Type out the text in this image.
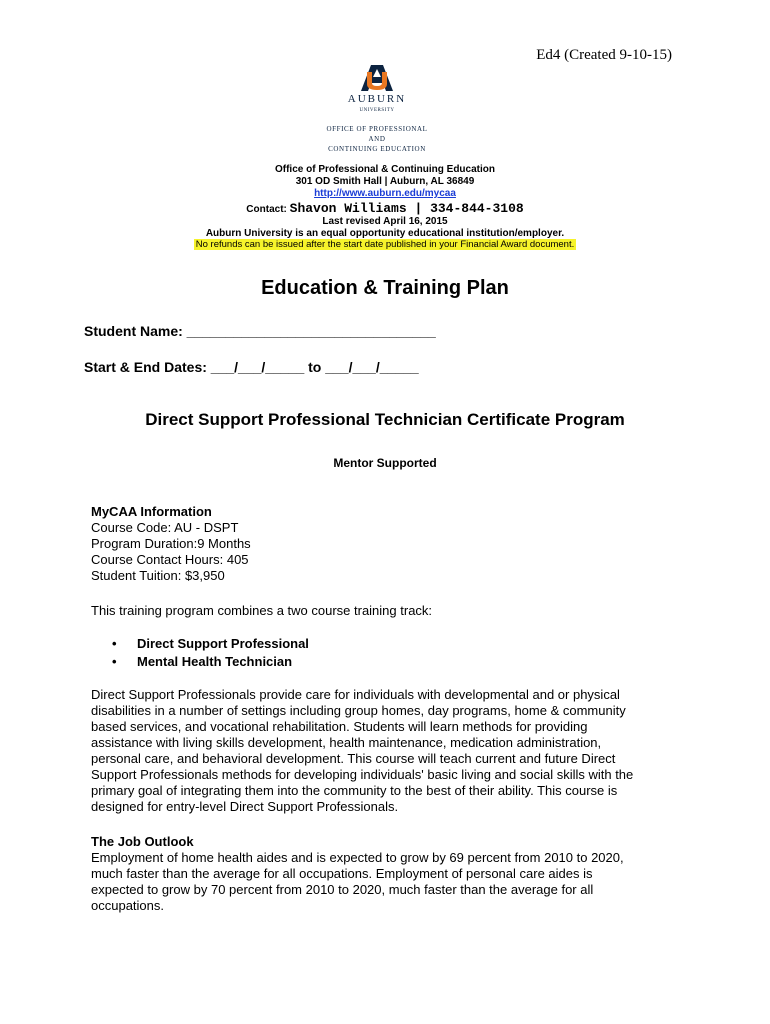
Ed4 (Created 9-10-15)
AUBURN
UNIVERSITY
OFFICE OF PROFESSIONAL AND
CONTINUING EDUCATION
Office of Professional & Continuing Education
301 OD Smith Hall | Auburn, AL 36849
http://www.auburn.edu/mycaa
Contact: Shavon Williams | 334-844-3108
Last revised April 16, 2015
Auburn University is an equal opportunity educational institution/employer.
No refunds can be issued after the start date published in your Financial Award document.
Education & Training Plan
Student Name: ________________________________
Start & End Dates: ___/___/_____ to ___/___/_____
Direct Support Professional Technician Certificate Program
Mentor Supported
MyCAA Information
Course Code: AU - DSPT
Program Duration:9 Months
Course Contact Hours: 405
Student Tuition: $3,950
This training program combines a two course training track:
•	Direct Support Professional
•	Mental Health Technician
Direct Support Professionals provide care for individuals with developmental and or physical
disabilities in a number of settings including group homes, day programs, home & community
based services, and vocational rehabilitation. Students will learn methods for providing
assistance with living skills development, health maintenance, medication administration,
personal care, and behavioral development. This course will teach current and future Direct
Support Professionals methods for developing individuals' basic living and social skills with the
primary goal of integrating them into the community to the best of their ability. This course is
designed for entry-level Direct Support Professionals.
The Job Outlook
Employment of home health aides and is expected to grow by 69 percent from 2010 to 2020,
much faster than the average for all occupations. Employment of personal care aides is
expected to grow by 70 percent from 2010 to 2020, much faster than the average for all
occupations.
